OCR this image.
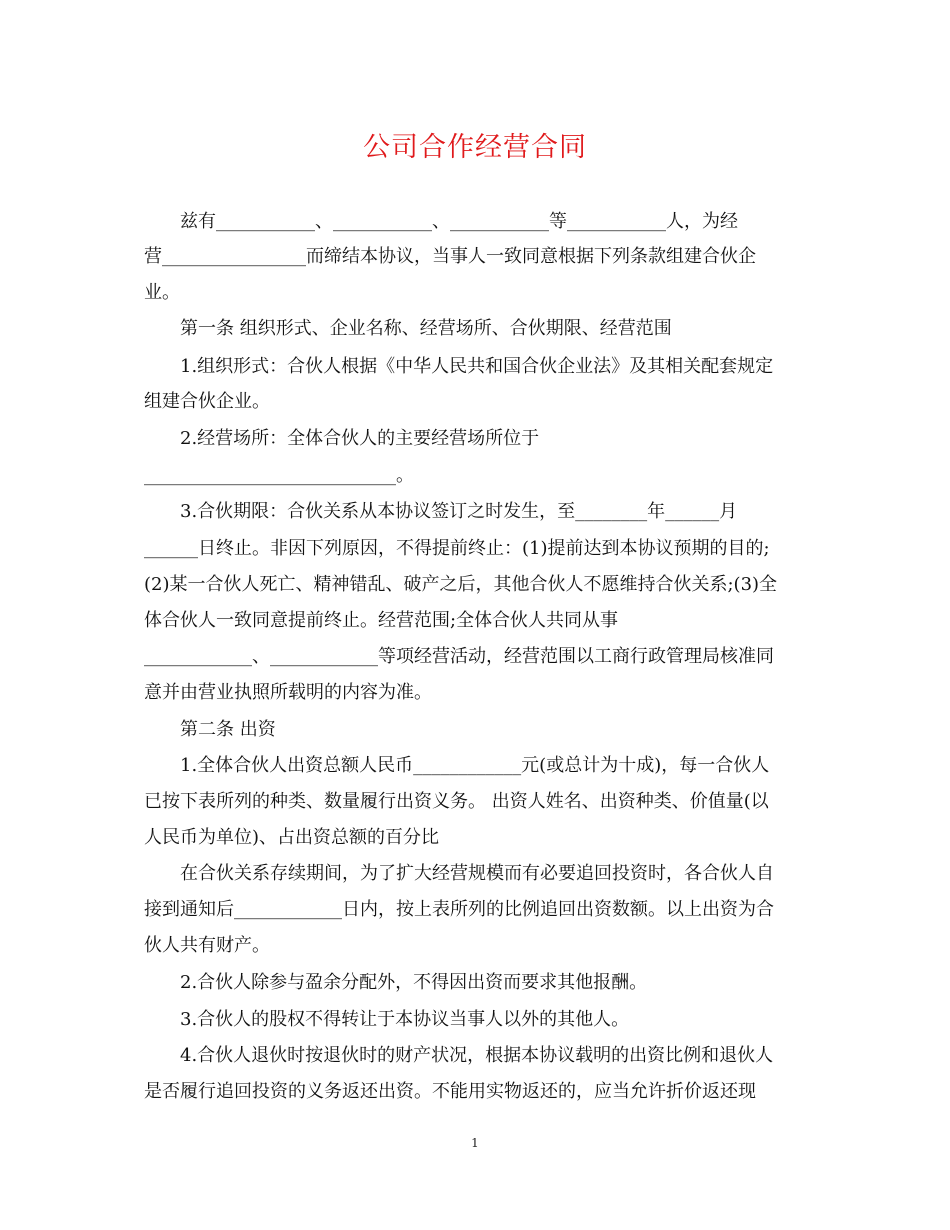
公司合作经营合同
兹有___________、___________、___________等___________人，为经
营________________而缔结本协议，当事人一致同意根据下列条款组建合伙企
业。
第一条 组织形式、企业名称、经营场所、合伙期限、经营范围
1.组织形式：合伙人根据《中华人民共和国合伙企业法》及其相关配套规定
组建合伙企业。
2.经营场所：全体合伙人的主要经营场所位于
____________________________。
3.合伙期限：合伙关系从本协议签订之时发生，至________年______月
______日终止。非因下列原因，不得提前终止：(1)提前达到本协议预期的目的;
(2)某一合伙人死亡、精神错乱、破产之后，其他合伙人不愿维持合伙关系;(3)全
体合伙人一致同意提前终止。经营范围;全体合伙人共同从事
____________、____________等项经营活动，经营范围以工商行政管理局核准同
意并由营业执照所载明的内容为准。
第二条 出资
1.全体合伙人出资总额人民币____________元(或总计为十成)，每一合伙人
已按下表所列的种类、数量履行出资义务。 出资人姓名、出资种类、价值量(以
人民币为单位)、占出资总额的百分比
在合伙关系存续期间，为了扩大经营规模而有必要追回投资时，各合伙人自
接到通知后____________日内，按上表所列的比例追回出资数额。以上出资为合
伙人共有财产。
2.合伙人除参与盈余分配外，不得因出资而要求其他报酬。
3.合伙人的股权不得转让于本协议当事人以外的其他人。
4.合伙人退伙时按退伙时的财产状况，根据本协议载明的出资比例和退伙人
是否履行追回投资的义务返还出资。不能用实物返还的，应当允许折价返还现
1
